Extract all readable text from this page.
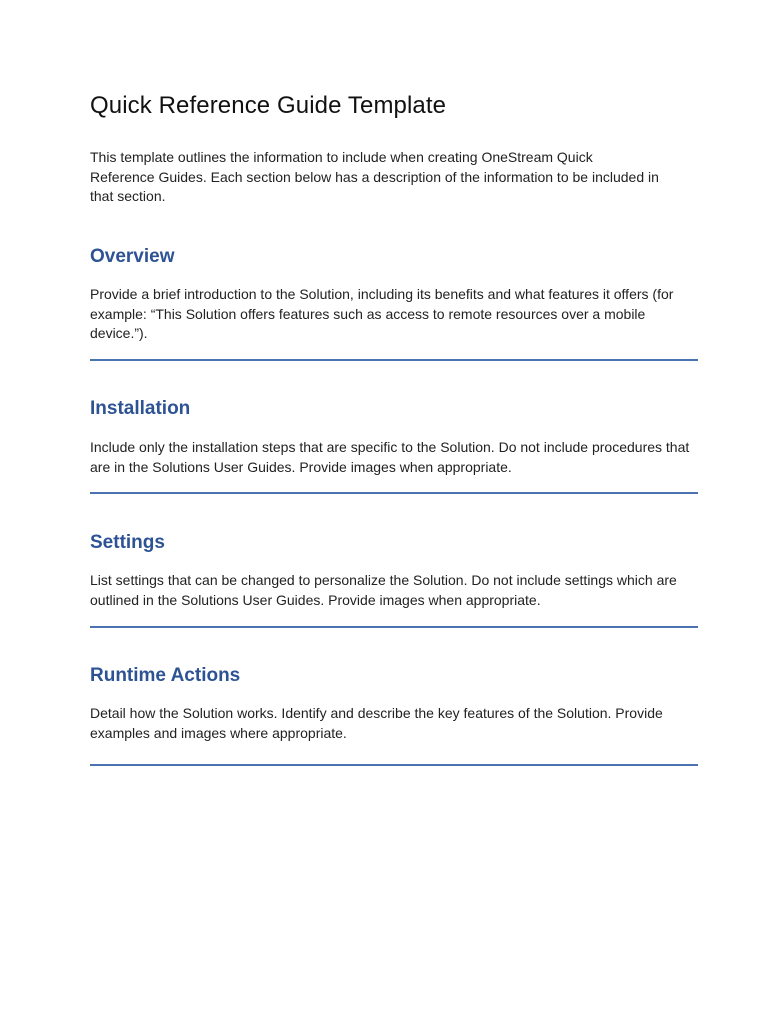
Quick Reference Guide Template

This template outlines the information to include when creating OneStream Quick Reference Guides. Each section below has a description of the information to be included in that section.

Overview

Provide a brief introduction to the Solution, including its benefits and what features it offers (for example: “This Solution offers features such as access to remote resources over a mobile device.”).

Installation

Include only the installation steps that are specific to the Solution. Do not include procedures that are in the Solutions User Guides. Provide images when appropriate.

Settings

List settings that can be changed to personalize the Solution. Do not include settings which are outlined in the Solutions User Guides. Provide images when appropriate.

Runtime Actions

Detail how the Solution works. Identify and describe the key features of the Solution. Provide examples and images where appropriate.
